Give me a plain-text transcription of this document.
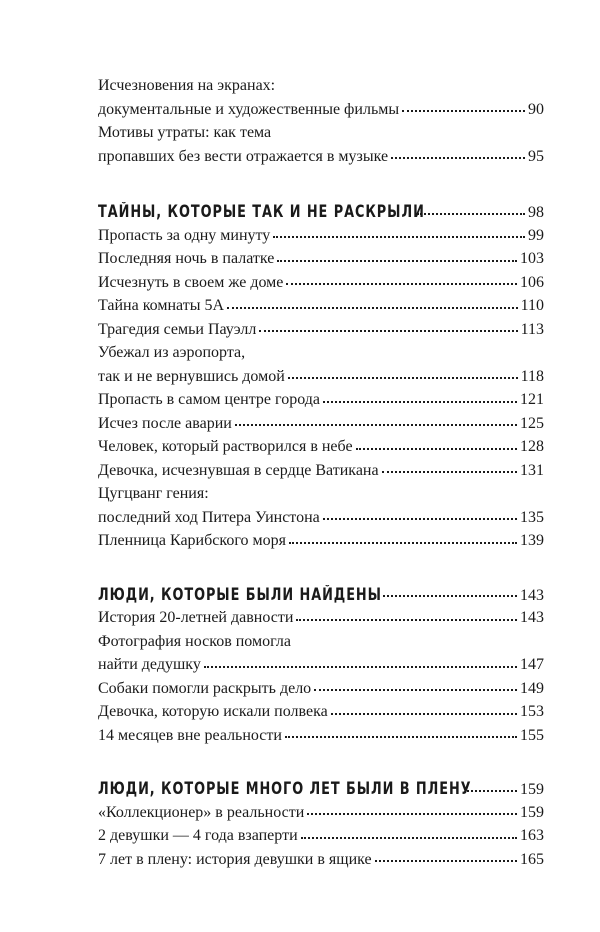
Исчезновения на экранах:
документальные и художественные фильмы	90
Мотивы утраты: как тема
пропавших без вести отражается в музыке	95
ТАЙНЫ, КОТОРЫЕ ТАК И НЕ РАСКРЫЛИ	98
Пропасть за одну минуту	99
Последняя ночь в палатке	103
Исчезнуть в своем же доме	106
Тайна комнаты 5А	110
Трагедия семьи Пауэлл	113
Убежал из аэропорта,
так и не вернувшись домой	118
Пропасть в самом центре города	121
Исчез после аварии	125
Человек, который растворился в небе	128
Девочка, исчезнувшая в сердце Ватикана	131
Цугцванг гения:
последний ход Питера Уинстона	135
Пленница Карибского моря	139
ЛЮДИ, КОТОРЫЕ БЫЛИ НАЙДЕНЫ	143
История 20-летней давности	143
Фотография носков помогла
найти дедушку	147
Собаки помогли раскрыть дело	149
Девочка, которую искали полвека	153
14 месяцев вне реальности	155
ЛЮДИ, КОТОРЫЕ МНОГО ЛЕТ БЫЛИ В ПЛЕНУ	159
«Коллекционер» в реальности	159
2 девушки — 4 года взаперти	163
7 лет в плену: история девушки в ящике	165
